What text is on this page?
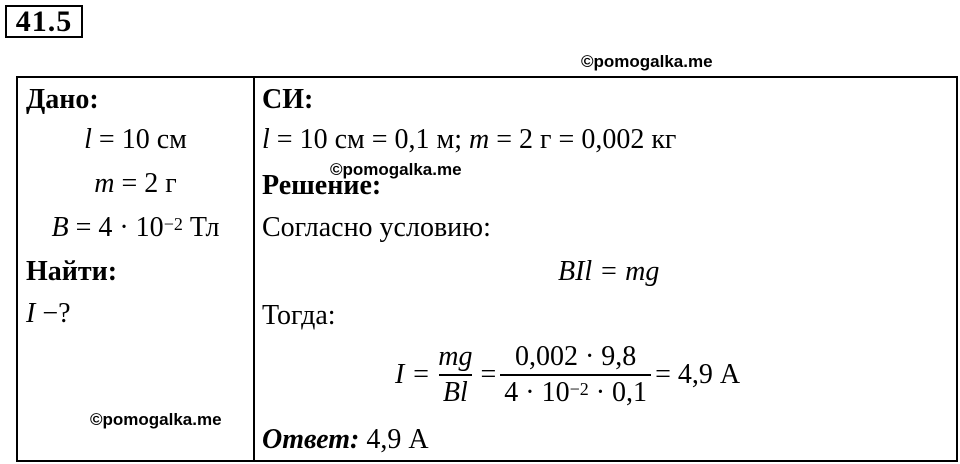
41.5
©pomogalka.me
Дано:
l = 10 см
m = 2 г
$B = 4 \cdot 10^{-2}$ Тл
Найти:
I −?
©pomogalka.me
СИ:
l = 10 см = 0,1 м; m = 2 г = 0,002 кг
©pomogalka.me
Решение:
Согласно условию:
BIl = mg
Тогда:
$I = \frac{mg}{Bl} = \frac{0,002 \cdot 9,8}{4 \cdot 10^{-2} \cdot 0,1} = 4,9$ А
Ответ: 4,9 А
